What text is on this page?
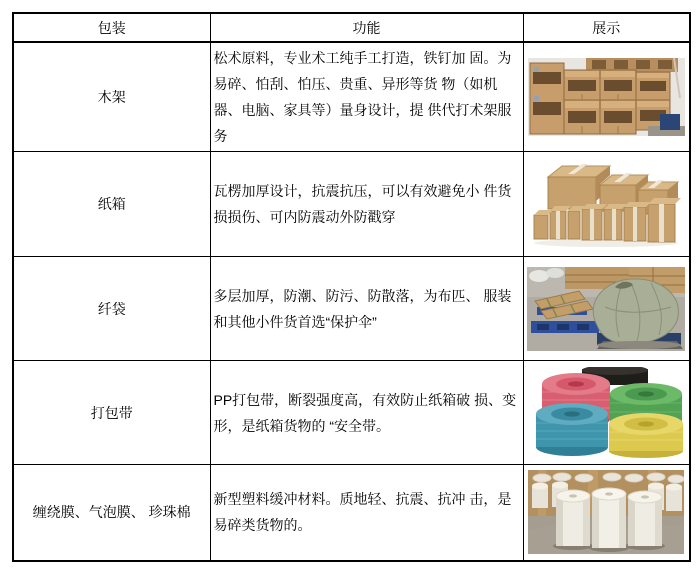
包装	功能	展示
木架	松术原料，专业术工纯手工打造，铁钉加 固。为易碎、怕刮、怕压、贵重、异形等货 物（如机器、电脑、家具等）量身设计，提 供代打术架服务	

纸箱	瓦楞加厚设计，抗震抗压，可以有效避免小 件货损损伤、可内防震动外防戳穿	

纤袋	多层加厚，防潮、防污、防散落，为布匹、 服装和其他小件货首选“保护伞”	

打包带	PP打包带，断裂强度高，有效防止纸箱破 损、变形，是纸箱货物的 “安全带。	

缠绕膜、气泡膜、 珍珠棉	新型塑料缓冲材料。质地轻、抗震、抗冲 击，是易碎类货物的。	
